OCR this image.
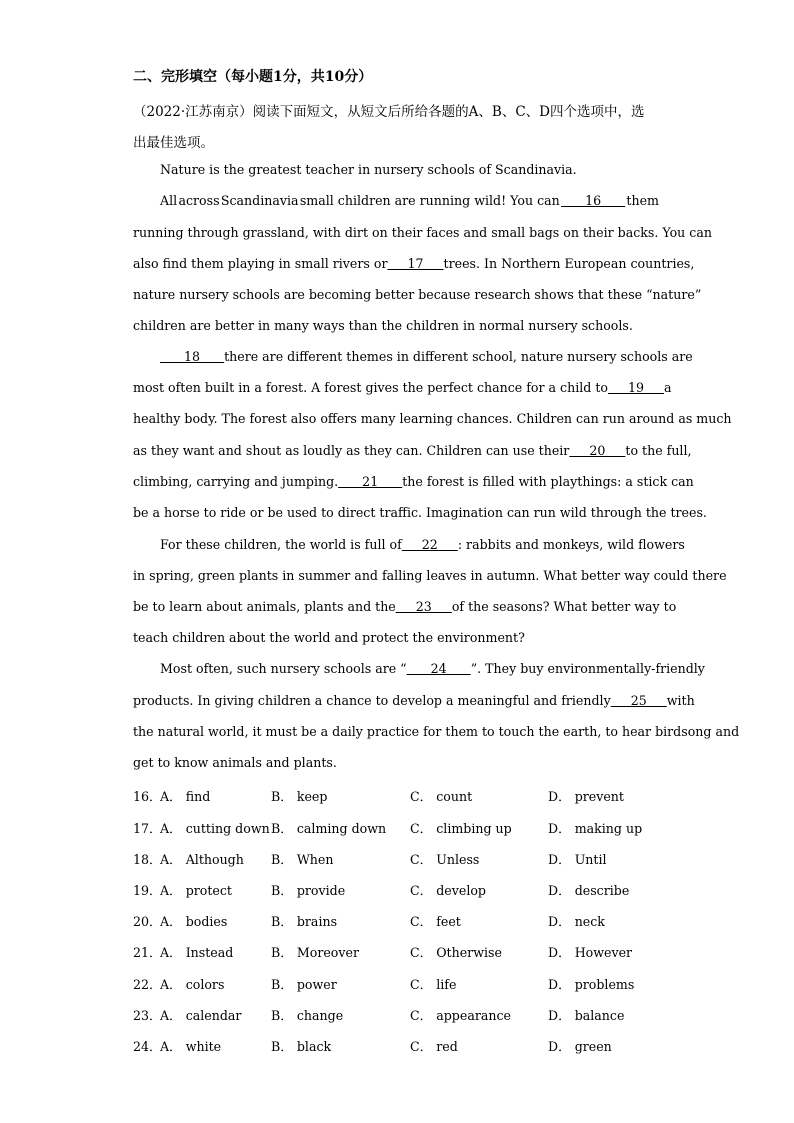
二、完形填空（每小题1分，共10分）
（2022·江苏南京）阅读下面短文，从短文后所给各题的A、B、C、D四个选项中，选
出最佳选项。
Nature is the greatest teacher in nursery schools of Scandinavia.
All across Scandinavia small children are running wild! You can 16 them
running through grassland, with dirt on their faces and small bags on their backs. You can
also find them playing in small rivers or 17 trees. In Northern European countries,
nature nursery schools are becoming better because research shows that these “nature”
children are better in many ways than the children in normal nursery schools.
18 there are different themes in different school, nature nursery schools are
most often built in a forest. A forest gives the perfect chance for a child to 19 a
healthy body. The forest also offers many learning chances. Children can run around as much
as they want and shout as loudly as they can. Children can use their 20 to the full,
climbing, carrying and jumping. 21 the forest is filled with playthings: a stick can
be a horse to ride or be used to direct traffic. Imagination can run wild through the trees.
For these children, the world is full of 22 : rabbits and monkeys, wild flowers
in spring, green plants in summer and falling leaves in autumn. What better way could there
be to learn about animals, plants and the 23 of the seasons? What better way to
teach children about the world and protect the environment?
Most often, such nursery schools are “ 24 ”. They buy environmentally-friendly
products. In giving children a chance to develop a meaningful and friendly 25 with
the natural world, it must be a daily practice for them to touch the earth, to hear birdsong and
get to know animals and plants.
16．
A． find	B． keep	C． count	D． prevent
17．
A． cutting down B． calming down C． climbing up	D． making up
18．
A． Although B． When	C． Unless	D． Until
19．
A． protect	B． provide	C． develop	D． describe
20．
A． bodies	B． brains	C． feet	D． neck
21．
A． Instead	B． Moreover	C． Otherwise	D． However
22．
A． colors	B． power	C． life	D． problems
23．
A． calendar B． change	C． appearance	D． balance
24．
A． white	B． black	C． red	D． green
